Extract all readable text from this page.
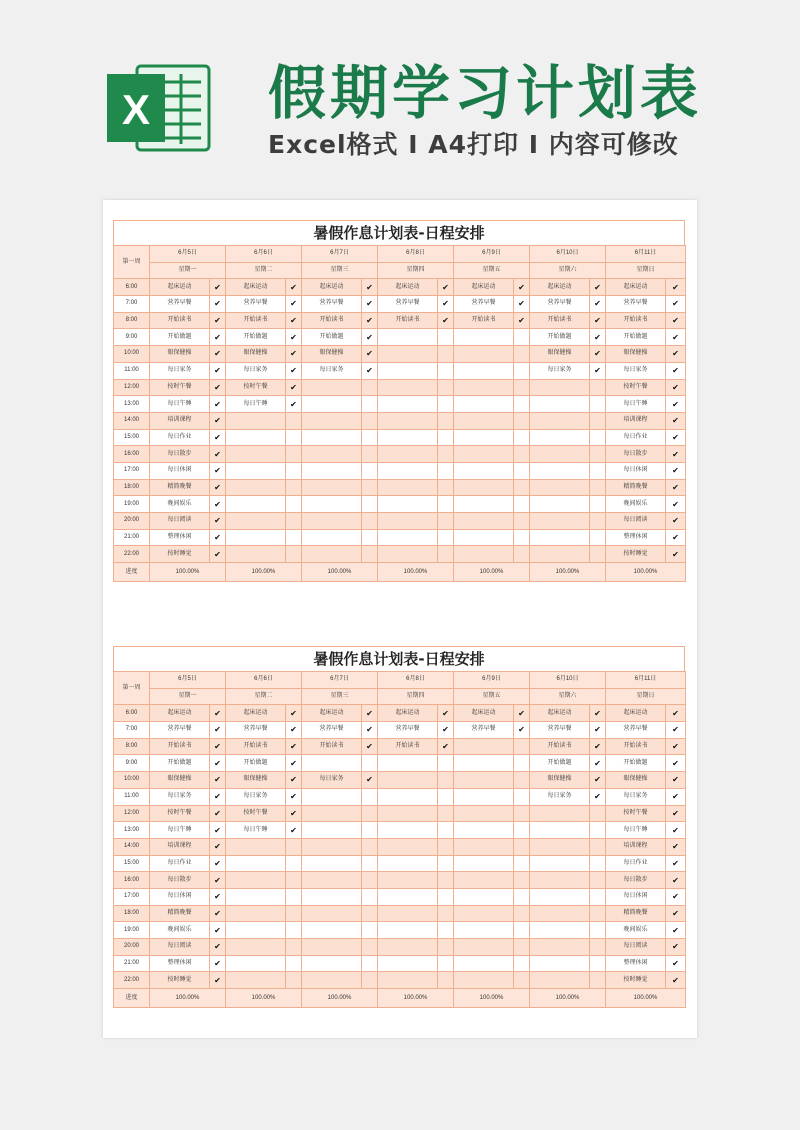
X 假期学习计划表
Excel格式 I A4打印 I 内容可修改
暑假作息计划表-日程安排
第一周	6月5日		6月6日		6月7日		6月8日		6月9日		6月10日		6月11日	
	星期一		星期二		星期三		星期四		星期五		星期六		星期日	
6:00	起床运动	✔	起床运动	✔	起床运动	✔	起床运动	✔	起床运动	✔	起床运动	✔	起床运动	✔
7:00	营养早餐	✔	营养早餐	✔	营养早餐	✔	营养早餐	✔	营养早餐	✔	营养早餐	✔	营养早餐	✔
8:00	开始读书	✔	开始读书	✔	开始读书	✔	开始读书	✔	开始读书	✔	开始读书	✔	开始读书	✔
9:00	开始做题	✔	开始做题	✔	开始做题	✔					开始做题	✔	开始做题	✔
10:00	眼保健操	✔	眼保健操	✔	眼保健操	✔					眼保健操	✔	眼保健操	✔
11:00	每日家务	✔	每日家务	✔	每日家务	✔					每日家务	✔	每日家务	✔
12:00	按时午餐	✔	按时午餐	✔									按时午餐	✔
13:00	每日午睡	✔	每日午睡	✔									每日午睡	✔
14:00	培训课程	✔											培训课程	✔
15:00	每日作业	✔											每日作业	✔
16:00	每日散步	✔											每日散步	✔
17:00	每日休闲	✔											每日休闲	✔
18:00	精简晚餐	✔											精简晚餐	✔
19:00	晚间娱乐	✔											晚间娱乐	✔
20:00	每日阅读	✔											每日阅读	✔
21:00	整理休闲	✔											整理休闲	✔
22:00	按时睡觉	✔											按时睡觉	✔
进度	100.00%		100.00%		100.00%		100.00%		100.00%		100.00%		100.00%	
暑假作息计划表-日程安排
第一周	6月5日		6月6日		6月7日		6月8日		6月9日		6月10日		6月11日	
	星期一		星期二		星期三		星期四		星期五		星期六		星期日	
6:00	起床运动	✔	起床运动	✔	起床运动	✔	起床运动	✔	起床运动	✔	起床运动	✔	起床运动	✔
7:00	营养早餐	✔	营养早餐	✔	营养早餐	✔	营养早餐	✔	营养早餐	✔	营养早餐	✔	营养早餐	✔
8:00	开始读书	✔	开始读书	✔	开始读书	✔	开始读书	✔			开始读书	✔	开始读书	✔
9:00	开始做题	✔	开始做题	✔							开始做题	✔	开始做题	✔
10:00	眼保健操	✔	眼保健操	✔	每日家务	✔					眼保健操	✔	眼保健操	✔
11:00	每日家务	✔	每日家务	✔							每日家务	✔	每日家务	✔
12:00	按时午餐	✔	按时午餐	✔									按时午餐	✔
13:00	每日午睡	✔	每日午睡	✔									每日午睡	✔
14:00	培训课程	✔											培训课程	✔
15:00	每日作业	✔											每日作业	✔
16:00	每日散步	✔											每日散步	✔
17:00	每日休闲	✔											每日休闲	✔
18:00	精简晚餐	✔											精简晚餐	✔
19:00	晚间娱乐	✔											晚间娱乐	✔
20:00	每日阅读	✔											每日阅读	✔
21:00	整理休闲	✔											整理休闲	✔
22:00	按时睡觉	✔											按时睡觉	✔
进度	100.00%		100.00%		100.00%		100.00%		100.00%		100.00%		100.00%	
